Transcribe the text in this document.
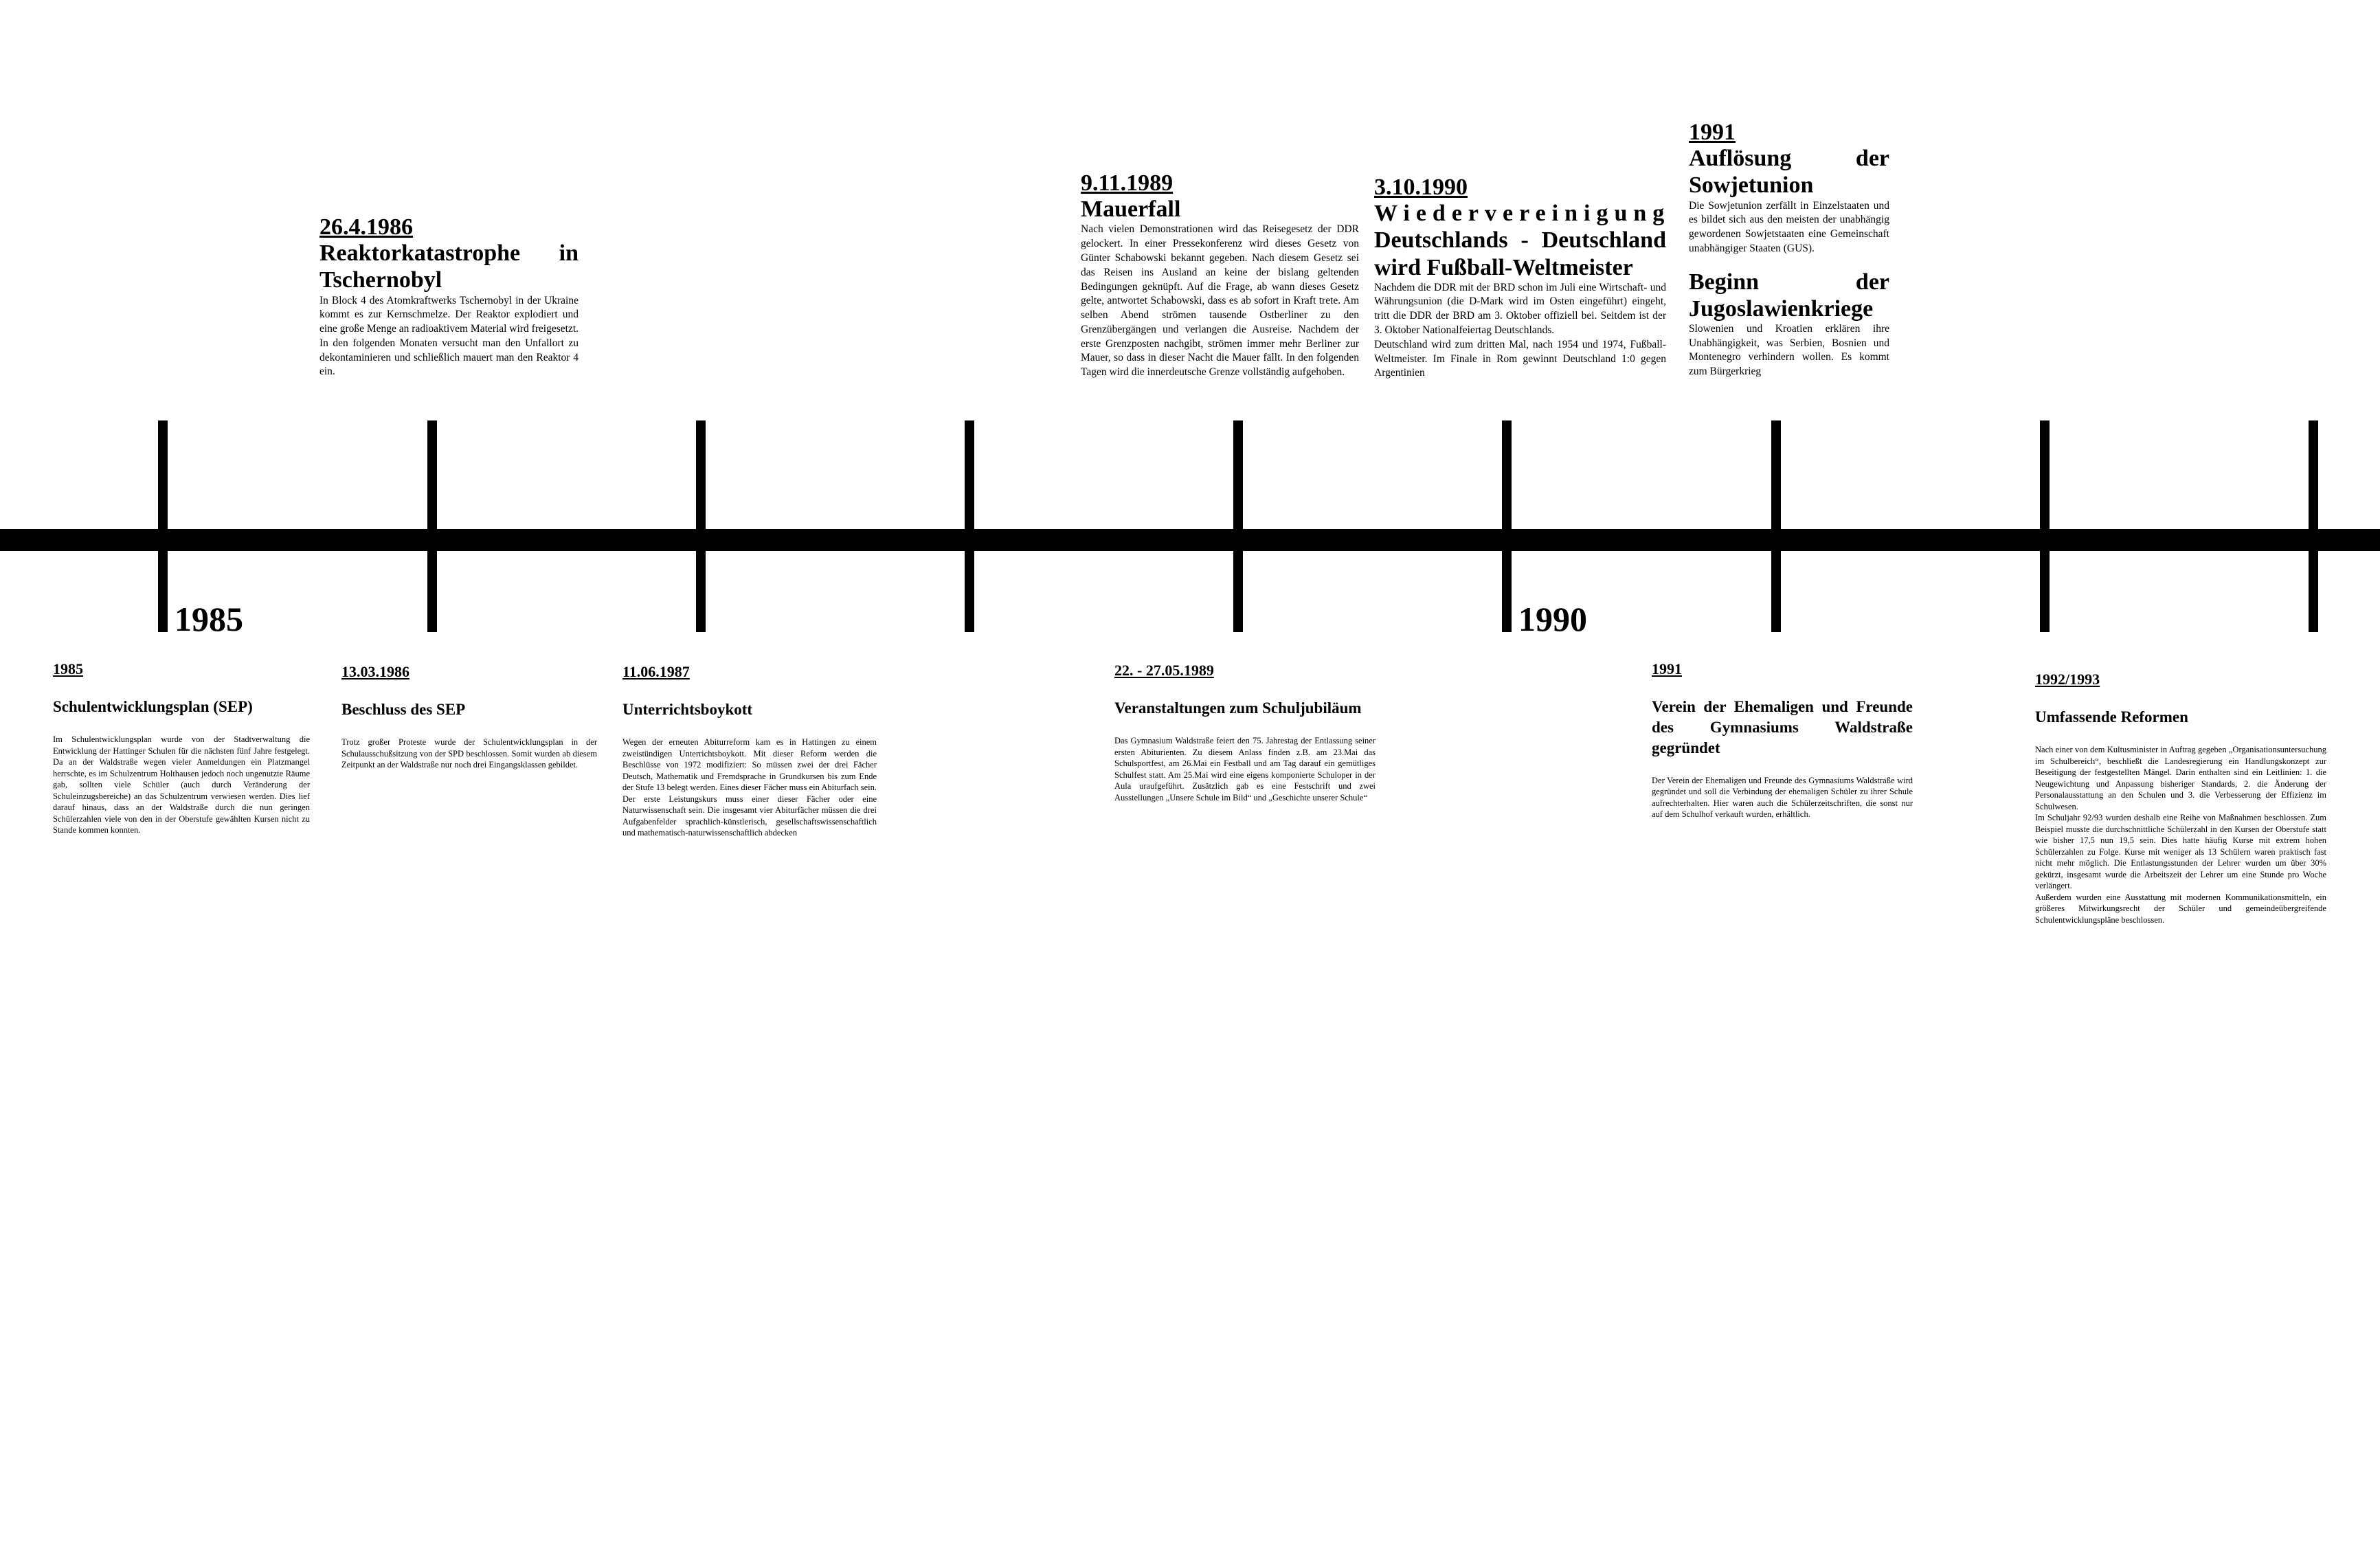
1985	1990
26.4.1986
Reaktorkatastrophe in Tschernobyl
In Block 4 des Atomkraftwerks Tschernobyl in der Ukraine kommt es zur Kernschmelze. Der Reaktor explodiert und eine große Menge an radioaktivem Material wird freigesetzt. In den folgenden Monaten versucht man den Unfallort zu dekontaminieren und schließlich mauert man den Reaktor 4 ein.
9.11.1989
Mauerfall
Nach vielen Demonstrationen wird das Reisegesetz der DDR gelockert. In einer Pressekonferenz wird dieses Gesetz von Günter Schabowski bekannt gegeben. Nach diesem Gesetz sei das Reisen ins Ausland an keine der bislang geltenden Bedingungen geknüpft. Auf die Frage, ab wann dieses Gesetz gelte, antwortet Schabowski, dass es ab sofort in Kraft trete. Am selben Abend strömen tausende Ostberliner zu den Grenzübergängen und verlangen die Ausreise. Nachdem der erste Grenzposten nachgibt, strömen immer mehr Berliner zur Mauer, so dass in dieser Nacht die Mauer fällt. In den folgenden Tagen wird die innerdeutsche Grenze vollständig aufgehoben.
3.10.1990
Wiedervereinigung
Deutschlands - Deutschland wird Fußball-Weltmeister
Nachdem die DDR mit der BRD schon im Juli eine Wirtschaft- und Währungsunion (die D-Mark wird im Osten eingeführt) eingeht, tritt die DDR der BRD am 3. Oktober offiziell bei. Seitdem ist der 3. Oktober Nationalfeiertag Deutschlands.
Deutschland wird zum dritten Mal, nach 1954 und 1974, Fußball-Weltmeister. Im Finale in Rom gewinnt Deutschland 1:0 gegen Argentinien
1991
Auflösung der Sowjetunion
Die Sowjetunion zerfällt in Einzelstaaten und es bildet sich aus den meisten der unabhängig gewordenen Sowjetstaaten eine Gemeinschaft unabhängiger Staaten (GUS).
Beginn der Jugoslawienkriege
Slowenien und Kroatien erklären ihre Unabhängigkeit, was Serbien, Bosnien und Montenegro verhindern wollen. Es kommt zum Bürgerkrieg
1985
Schulentwicklungsplan (SEP)
Im Schulentwicklungsplan wurde von der Stadtverwaltung die Entwicklung der Hattinger Schulen für die nächsten fünf Jahre festgelegt. Da an der Waldstraße wegen vieler Anmeldungen ein Platzmangel herrschte, es im Schulzentrum Holthausen jedoch noch ungenutzte Räume gab, sollten viele Schüler (auch durch Veränderung der Schuleinzugsbereiche) an das Schulzentrum verwiesen werden. Dies lief darauf hinaus, dass an der Waldstraße durch die nun geringen Schülerzahlen viele von den in der Oberstufe gewählten Kursen nicht zu Stande kommen konnten.
13.03.1986
Beschluss des SEP
Trotz großer Proteste wurde der Schulentwicklungsplan in der Schulausschußsitzung von der SPD beschlossen. Somit wurden ab diesem Zeitpunkt an der Waldstraße nur noch drei Eingangsklassen gebildet.
11.06.1987
Unterrichtsboykott
Wegen der erneuten Abiturreform kam es in Hattingen zu einem zweistündigen Unterrichtsboykott. Mit dieser Reform werden die Beschlüsse von 1972 modifiziert: So müssen zwei der drei Fächer Deutsch, Mathematik und Fremdsprache in Grundkursen bis zum Ende der Stufe 13 belegt werden. Eines dieser Fächer muss ein Abiturfach sein. Der erste Leistungskurs muss einer dieser Fächer oder eine Naturwissenschaft sein. Die insgesamt vier Abiturfächer müssen die drei Aufgabenfelder sprachlich-künstlerisch, gesellschaftswissenschaftlich und mathematisch-naturwissenschaftlich abdecken
22. - 27.05.1989
Veranstaltungen zum Schuljubiläum
Das Gymnasium Waldstraße feiert den 75. Jahrestag der Entlassung seiner ersten Abiturienten. Zu diesem Anlass finden z.B. am 23.Mai das Schulsportfest, am 26.Mai ein Festball und am Tag darauf ein gemütliges Schulfest statt. Am 25.Mai wird eine eigens komponierte Schuloper in der Aula uraufgeführt. Zusätzlich gab es eine Festschrift und zwei Ausstellungen „Unsere Schule im Bild“ und „Geschichte unserer Schule“
1991
Verein der Ehemaligen und Freunde des Gymnasiums Waldstraße gegründet
Der Verein der Ehemaligen und Freunde des Gymnasiums Waldstraße wird gegründet und soll die Verbindung der ehemaligen Schüler zu ihrer Schule aufrechterhalten. Hier waren auch die Schülerzeitschriften, die sonst nur auf dem Schulhof verkauft wurden, erhältlich.
1992/1993
Umfassende Reformen
Nach einer von dem Kultusminister in Auftrag gegeben „Organisationsuntersuchung im Schulbereich“, beschließt die Landesregierung ein Handlungskonzept zur Beseitigung der festgestellten Mängel. Darin enthalten sind ein Leitlinien: 1. die Neugewichtung und Anpassung bisheriger Standards, 2. die Änderung der Personalausstattung an den Schulen und 3. die Verbesserung der Effizienz im Schulwesen.
Im Schuljahr 92/93 wurden deshalb eine Reihe von Maßnahmen beschlossen. Zum Beispiel musste die durchschnittliche Schülerzahl in den Kursen der Oberstufe statt wie bisher 17,5 nun 19,5 sein. Dies hatte häufig Kurse mit extrem hohen Schülerzahlen zu Folge. Kurse mit weniger als 13 Schülern waren praktisch fast nicht mehr möglich. Die Entlastungsstunden der Lehrer wurden um über 30% gekürzt, insgesamt wurde die Arbeitszeit der Lehrer um eine Stunde pro Woche verlängert.
Außerdem wurden eine Ausstattung mit modernen Kommunikationsmitteln, ein größeres Mitwirkungsrecht der Schüler und gemeindeübergreifende Schulentwicklungspläne beschlossen.
